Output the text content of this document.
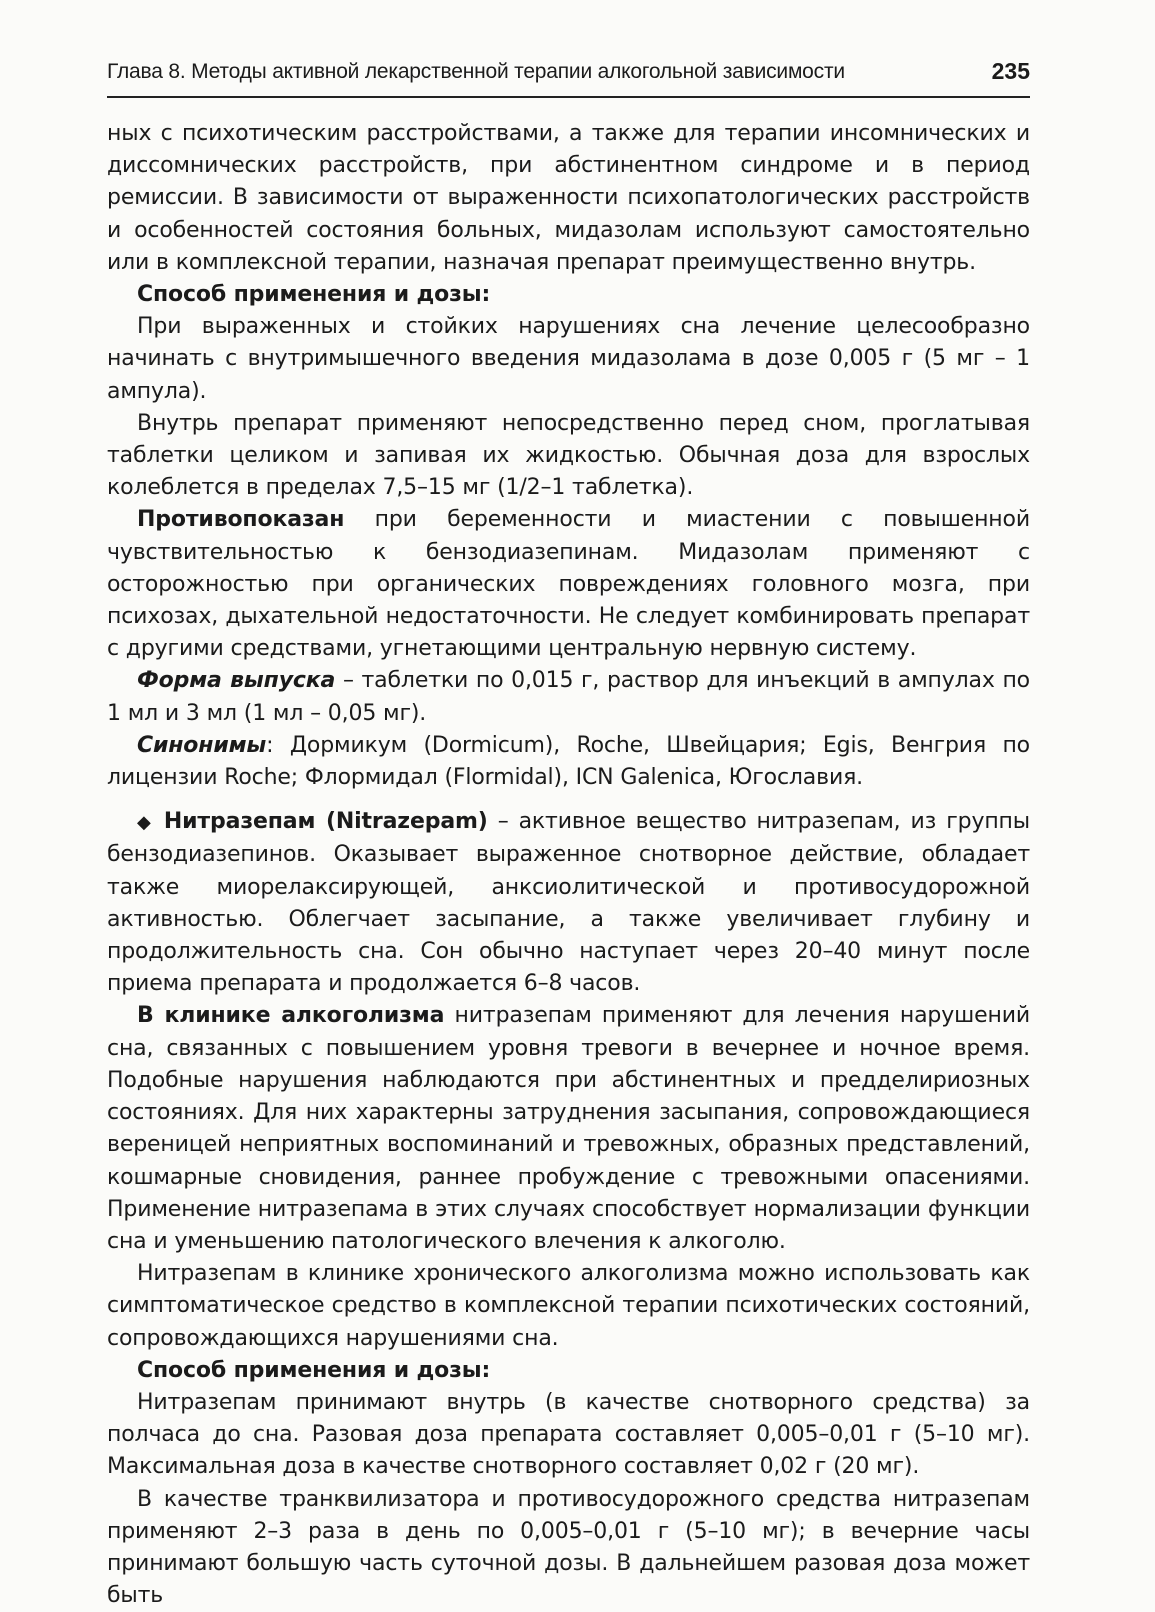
Глава 8. Методы активной лекарственной терапии алкогольной зависимости	235

ных с психотическим расстройствами, а также для терапии инсомнических и диссомнических расстройств, при абстинентном синдроме и в период ремиссии. В зависимости от выраженности психопатологических расстройств и особенностей состояния больных, мидазолам используют самостоятельно или в комплексной терапии, назначая препарат преимущественно внутрь.

Способ применения и дозы:

При выраженных и стойких нарушениях сна лечение целесообразно начинать с внутримышечного введения мидазолама в дозе 0,005 г (5 мг – 1 ампула).

Внутрь препарат применяют непосредственно перед сном, проглатывая таблетки целиком и запивая их жидкостью. Обычная доза для взрослых колеблется в пределах 7,5–15 мг (1/2–1 таблетка).

Противопоказан при беременности и миастении с повышенной чувствительностью к бензодиазепинам. Мидазолам применяют с осторожностью при органических повреждениях головного мозга, при психозах, дыхательной недостаточности. Не следует комбинировать препарат с другими средствами, угнетающими центральную нервную систему.

Форма выпуска – таблетки по 0,015 г, раствор для инъекций в ампулах по 1 мл и 3 мл (1 мл – 0,05 мг).

Синонимы: Дормикум (Dormicum), Roche, Швейцария; Egis, Венгрия по лицензии Roche; Флормидал (Flormidal), ICN Galenica, Югославия.

◆ Нитразепам (Nitrazepam) – активное вещество нитразепам, из группы бензодиазепинов. Оказывает выраженное снотворное действие, обладает также миорелаксирующей, анксиолитической и противосудорожной активностью. Облегчает засыпание, а также увеличивает глубину и продолжительность сна. Сон обычно наступает через 20–40 минут после приема препарата и продолжается 6–8 часов.

В клинике алкоголизма нитразепам применяют для лечения нарушений сна, связанных с повышением уровня тревоги в вечернее и ночное время. Подобные нарушения наблюдаются при абстинентных и предделириозных состояниях. Для них характерны затруднения засыпания, сопровождающиеся вереницей неприятных воспоминаний и тревожных, образных представлений, кошмарные сновидения, раннее пробуждение с тревожными опасениями. Применение нитразепама в этих случаях способствует нормализации функции сна и уменьшению патологического влечения к алкоголю.

Нитразепам в клинике хронического алкоголизма можно использовать как симптоматическое средство в комплексной терапии психотических состояний, сопровождающихся нарушениями сна.

Способ применения и дозы:

Нитразепам принимают внутрь (в качестве снотворного средства) за полчаса до сна. Разовая доза препарата составляет 0,005–0,01 г (5–10 мг). Максимальная доза в качестве снотворного составляет 0,02 г (20 мг).

В качестве транквилизатора и противосудорожного средства нитразепам применяют 2–3 раза в день по 0,005–0,01 г (5–10 мг); в вечерние часы принимают большую часть суточной дозы. В дальнейшем разовая доза может быть
